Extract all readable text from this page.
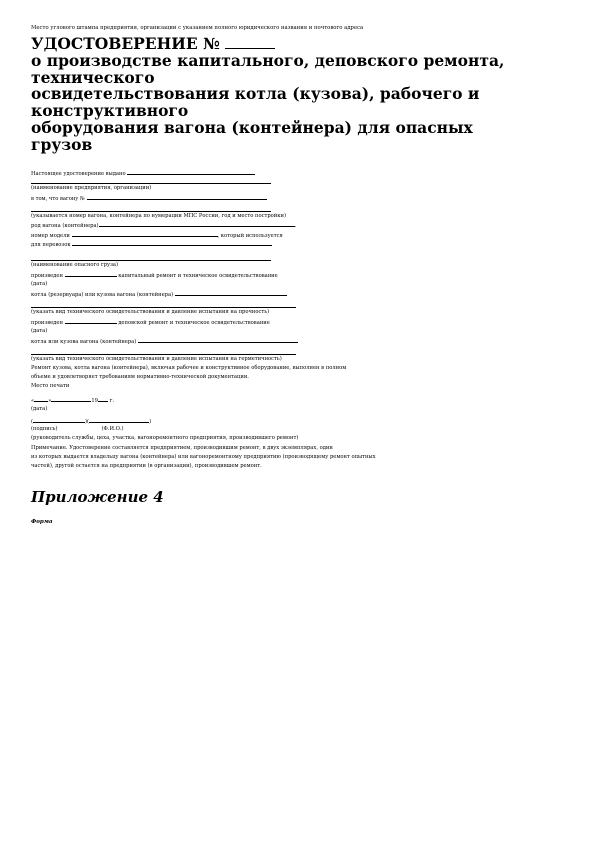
Место углового штампа предприятия, организации с указанием полного юридического названия и почтового адреса
УДОСТОВЕРЕНИЕ №
о производстве капитального, деповского ремонта,
технического
освидетельствования котла (кузова), рабочего и
конструктивного
оборудования вагона (контейнера) для опасных
грузов
Настоящее удостоверение выдано
(наименование предприятия, организации)
в том, что вагону №
(указывается номер вагона, контейнера по нумерации МПС России, год и место постройки)
род вагона (контейнера)	.
номер модели	, который используется
для перевозок
(наименование опасного груза)
произведен	капитальный ремонт и техническое освидетельствование
(дата)
котла (резервуара) или кузова вагона (контейнера)
(указать вид технического освидетельствования и давление испытания на прочность)
произведен	деповской ремонт и техническое освидетельствование
(дата)
котла или кузова вагона (контейнера)
(указать вид технического освидетельствования и давление испытания на герметичность)
Ремонт кузова, котла вагона (контейнера), включая рабочее и конструктивное оборудование, выполнен в полном
объеме и удовлетворяет требованиям нормативно-технической документации.
Место печати
«	»	19 г.
(дата)
(	)(	)
(подпись)	(Ф.И.О.)
(руководитель службы, цеха, участка, вагоноремонтного предприятия, производившего ремонт)
Примечание. Удостоверение составляется предприятием, производившим ремонт, в двух экземплярах, один
из которых выдается владельцу вагона (контейнера) или вагоноремонтному предприятию (производящему ремонт опытных
частей), другой остается на предприятии (в организации), производившем ремонт.
Приложение 4
Форма
